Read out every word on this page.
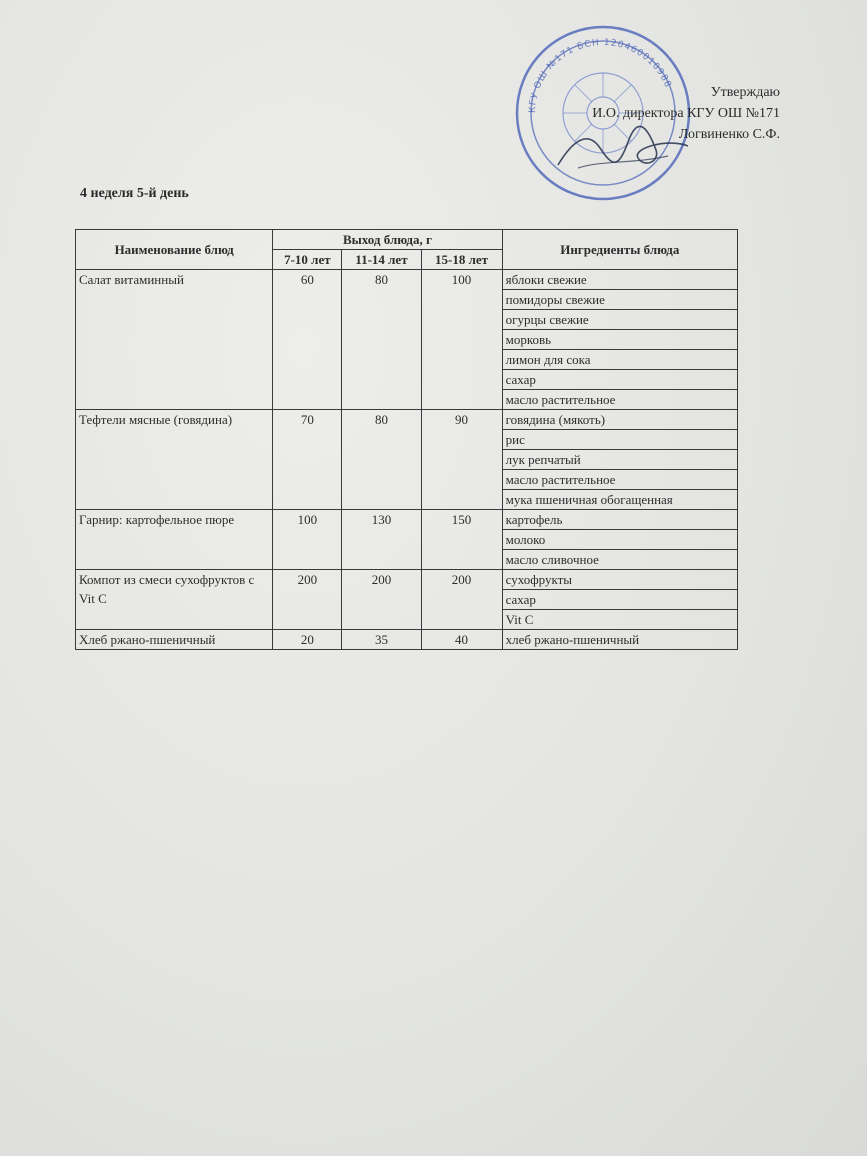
КГУ ОШ №171 БСН 120460010988
Утверждаю
И.О. директора КГУ ОШ №171
Логвиненко С.Ф.
4 неделя 5-й день
Наименование блюд	Выход блюда, г			Ингредиенты блюда
	7-10 лет	11-14 лет	15-18 лет	
Салат витаминный	60	80	100	яблоки свежие
				помидоры свежие
				огурцы свежие
				морковь
				лимон для сока
				сахар
				масло растительное
Тефтели мясные (говядина)	70	80	90	говядина (мякоть)
				рис
				лук репчатый
				масло растительное
				мука пшеничная обогащенная
Гарнир: картофельное пюре	100	130	150	картофель
				молоко
				масло сливочное
Компот из смеси сухофруктов с Vit C	200	200	200	сухофрукты
				сахар
				Vit C
Хлеб ржано-пшеничный	20	35	40	хлеб ржано-пшеничный
